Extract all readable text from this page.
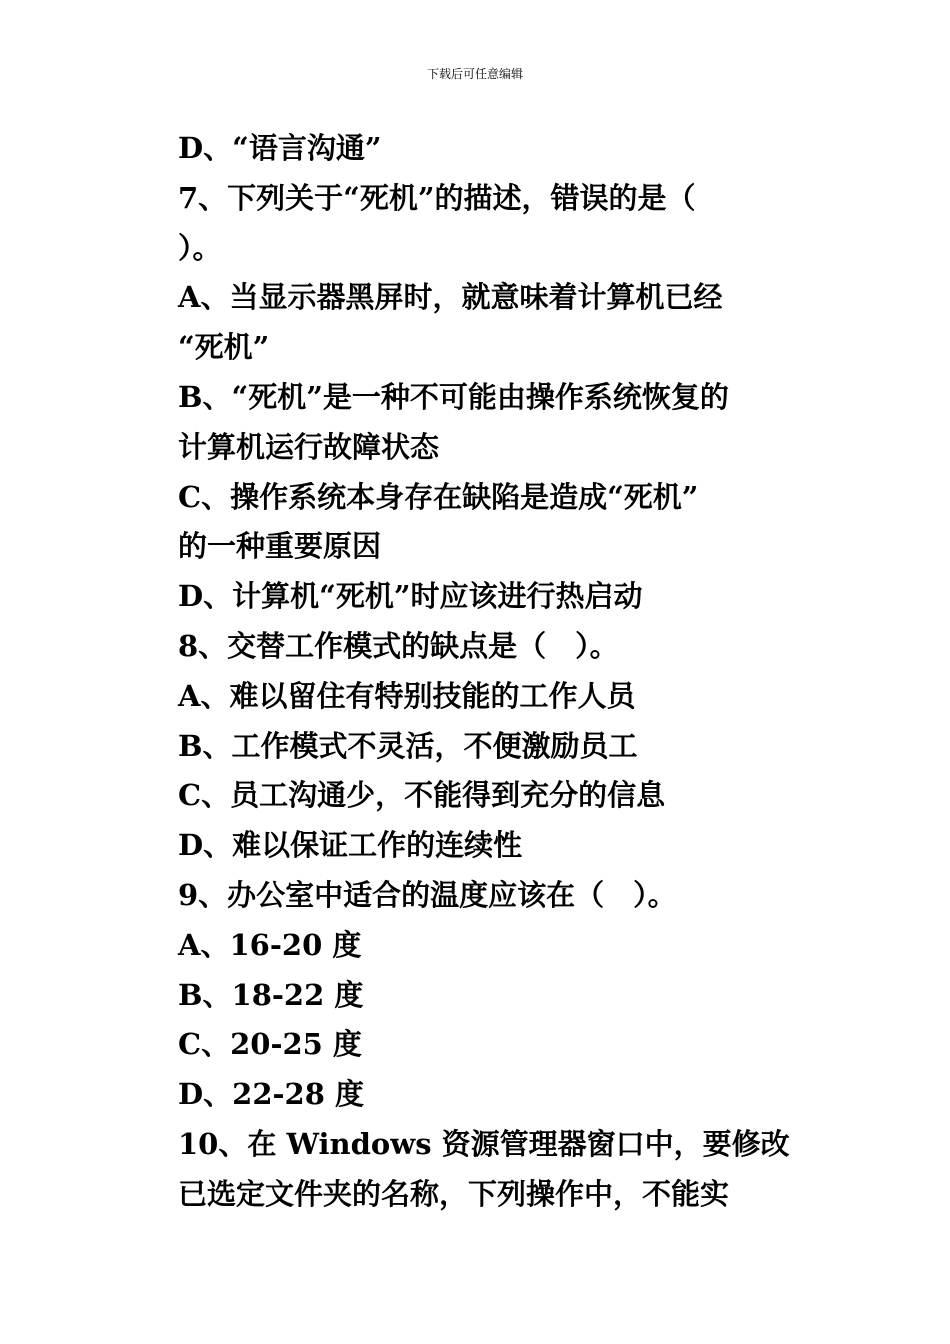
下载后可任意编辑
D、“语言沟通”
7、下列关于“死机”的描述，错误的是（
）。
A、当显示器黑屏时，就意味着计算机已经
“死机”
B、“死机”是一种不可能由操作系统恢复的
计算机运行故障状态
C、操作系统本身存在缺陷是造成“死机”
的一种重要原因
D、计算机“死机”时应该进行热启动
8、交替工作模式的缺点是（　）。
A、难以留住有特别技能的工作人员
B、工作模式不灵活，不便激励员工
C、员工沟通少，不能得到充分的信息
D、难以保证工作的连续性
9、办公室中适合的温度应该在（　）。
A、16-20 度
B、18-22 度
C、20-25 度
D、22-28 度
10、在 Windows 资源管理器窗口中，要修改
已选定文件夹的名称，下列操作中，不能实
